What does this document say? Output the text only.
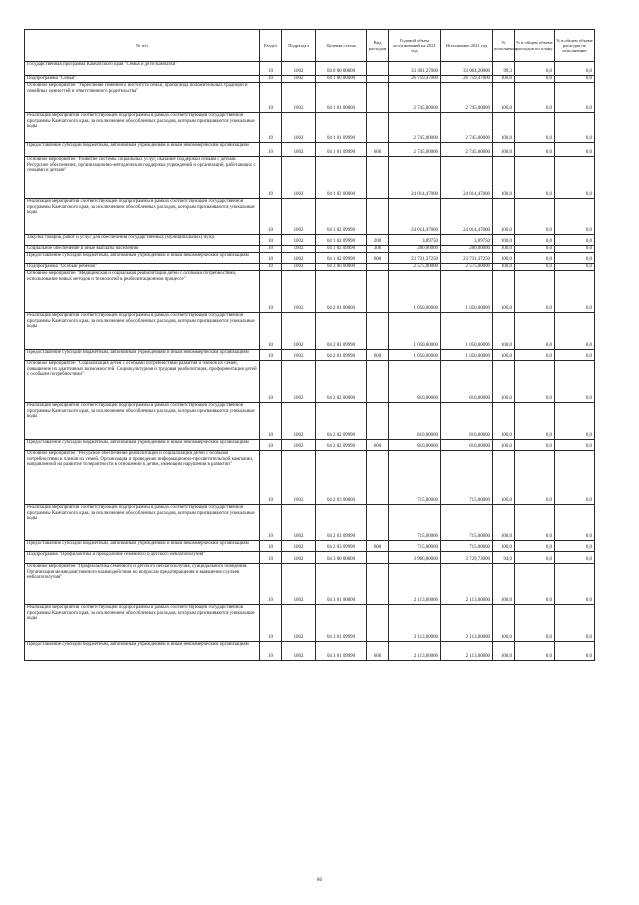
№ п/п	Раздел	Подраздел	Целевая статья	Вид расходов	Годовой объем ассигнований на 2021 год	Исполнение 2021 год	% исполнения	% в общем объеме расходов по плану	% в общем объеме расходов по исполнению
Государственная программа Камчатского края "Семья и дети Камчатки"	10	1002	04 0 00 00000		33 301,27000	33 064,20000	99,3	0,0	0,0
Подпрограмма "Семья"	10	1002	04 1 00 00000		26 759,47000	26 759,47000	100,0	0,0	0,0
Основное мероприятие "Укрепление семейного института семьи, пропаганда положительных традиций и семейных ценностей и ответственного родительства"	10	1002	04 1 01 00000		2 745,00000	2 745,00000	100,0	0,0	0,0
Реализация мероприятий соответствующей подпрограммы в рамках соответствующей государственной программы Камчатского края, за исключением обособленных расходов, которым присваиваются уникальные коды	10	1002	04 1 01 09990		2 745,00000	2 745,00000	100,0	0,0	0,0
Предоставление субсидий бюджетным, автономным учреждениям и иным некоммерческим организациям	10	1002	04 1 01 09990	600	2 745,00000	2 745,00000	100,0	0,0	0,0
Основное мероприятие "Развитие системы социальных услуг, оказание поддержки семьям с детьми. Ресурсное обеспечение, организационно-методическая поддержка учреждений и организаций, работающих с семьями и детьми"	10	1002	04 1 02 00000		24 014,47000	24 014,47000	100,0	0,0	0,0
Реализация мероприятий соответствующей подпрограммы в рамках соответствующей государственной программы Камчатского края, за исключением обособленных расходов, которым присваиваются уникальные коды	10	1002	04 1 02 09990		24 014,47000	24 014,47000	100,0	0,0	0,0
Закупка товаров, работ и услуг для обеспечения государственных (муниципальных) нужд	10	1002	04 1 02 09990	200	3,09750	3,09750	100,0	0,0	0,0
Социальное обеспечение и иные выплаты населению	10	1002	04 1 02 09990	300	280,00000	280,00000	100,0	0,0	0,0
Предоставление субсидий бюджетным, автономным учреждениям и иным некоммерческим организациям	10	1002	04 1 02 09990	600	23 731,37250	23 731,37250	100,0	0,0	0,0
Подпрограмма "Особый ребенок"	10	1002	04 2 00 00000		2 575,00000	2 575,00000	100,0	0,0	0,0
Основное мероприятие "Медицинская и социальная реабилитация детей с особыми потребностями, использование новых методов и технологий в реабилитационном процессе"	10	1002	04 2 01 00000		1 050,00000	1 050,00000	100,0	0,0	0,0
Реализация мероприятий соответствующей подпрограммы в рамках соответствующей государственной программы Камчатского края, за исключением обособленных расходов, которым присваиваются уникальные коды	10	1002	04 2 01 09990		1 050,00000	1 050,00000	100,0	0,0	0,0
Предоставление субсидий бюджетным, автономным учреждениям и иным некоммерческим организациям	10	1002	04 2 01 09990	600	1 050,00000	1 050,00000	100,0	0,0	0,0
Основное мероприятие "Социализация детей с особыми потребностями развития и членов их семей, повышение их адаптивных возможностей. Социокультурная и трудовая реабилитация, профориентация детей с особыми потребностями"	10	1002	04 2 02 00000		810,00000	810,00000	100,0	0,0	0,0
Реализация мероприятий соответствующей подпрограммы в рамках соответствующей государственной программы Камчатского края, за исключением обособленных расходов, которым присваиваются уникальные коды	10	1002	04 2 02 09990		810,00000	810,00000	100,0	0,0	0,0
Предоставление субсидий бюджетным, автономным учреждениям и иным некоммерческим организациям	10	1002	04 2 02 09990	600	810,00000	810,00000	100,0	0,0	0,0
Основное мероприятие "Ресурсное обеспечение реабилитации и социализации детей с особыми потребностями и членов их семей. Организация и проведение информационно-просветительской кампании, направленной на развитие толерантности в отношении к детям, имеющим нарушения в развитии"	10	1002	04 2 03 00000		715,00000	715,00000	100,0	0,0	0,0
Реализация мероприятий соответствующей подпрограммы в рамках соответствующей государственной программы Камчатского края, за исключением обособленных расходов, которым присваиваются уникальные коды	10	1002	04 2 03 09990		715,00000	715,00000	100,0	0,0	0,0
Предоставление субсидий бюджетным, автономным учреждениям и иным некоммерческим организациям	10	1002	04 2 03 09990	600	715,00000	715,00000	100,0	0,0	0,0
Подпрограмма "Профилактика и преодоление семейного и детского неблагополучия"	10	1002	04 3 00 00000		3 966,80000	3 729,73000	94,0	0,0	0,0
Основное мероприятие "Профилактика семейного и детского неблагополучия, суицидального поведения. Организация межведомственного взаимодействия по вопросам предотвращения и выявления случаев неблагополучия"	10	1002	04 3 01 00000		2 113,00000	2 113,00000	100,0	0,0	0,0
Реализация мероприятий соответствующей подпрограммы в рамках соответствующей государственной программы Камчатского края, за исключением обособленных расходов, которым присваиваются уникальные коды	10	1002	04 3 01 09990		2 113,00000	2 113,00000	100,0	0,0	0,0
Предоставление субсидий бюджетным, автономным учреждениям и иным некоммерческим организациям	10	1002	04 3 01 09990	600	2 113,00000	2 113,00000	100,0	0,0	0,0
86
